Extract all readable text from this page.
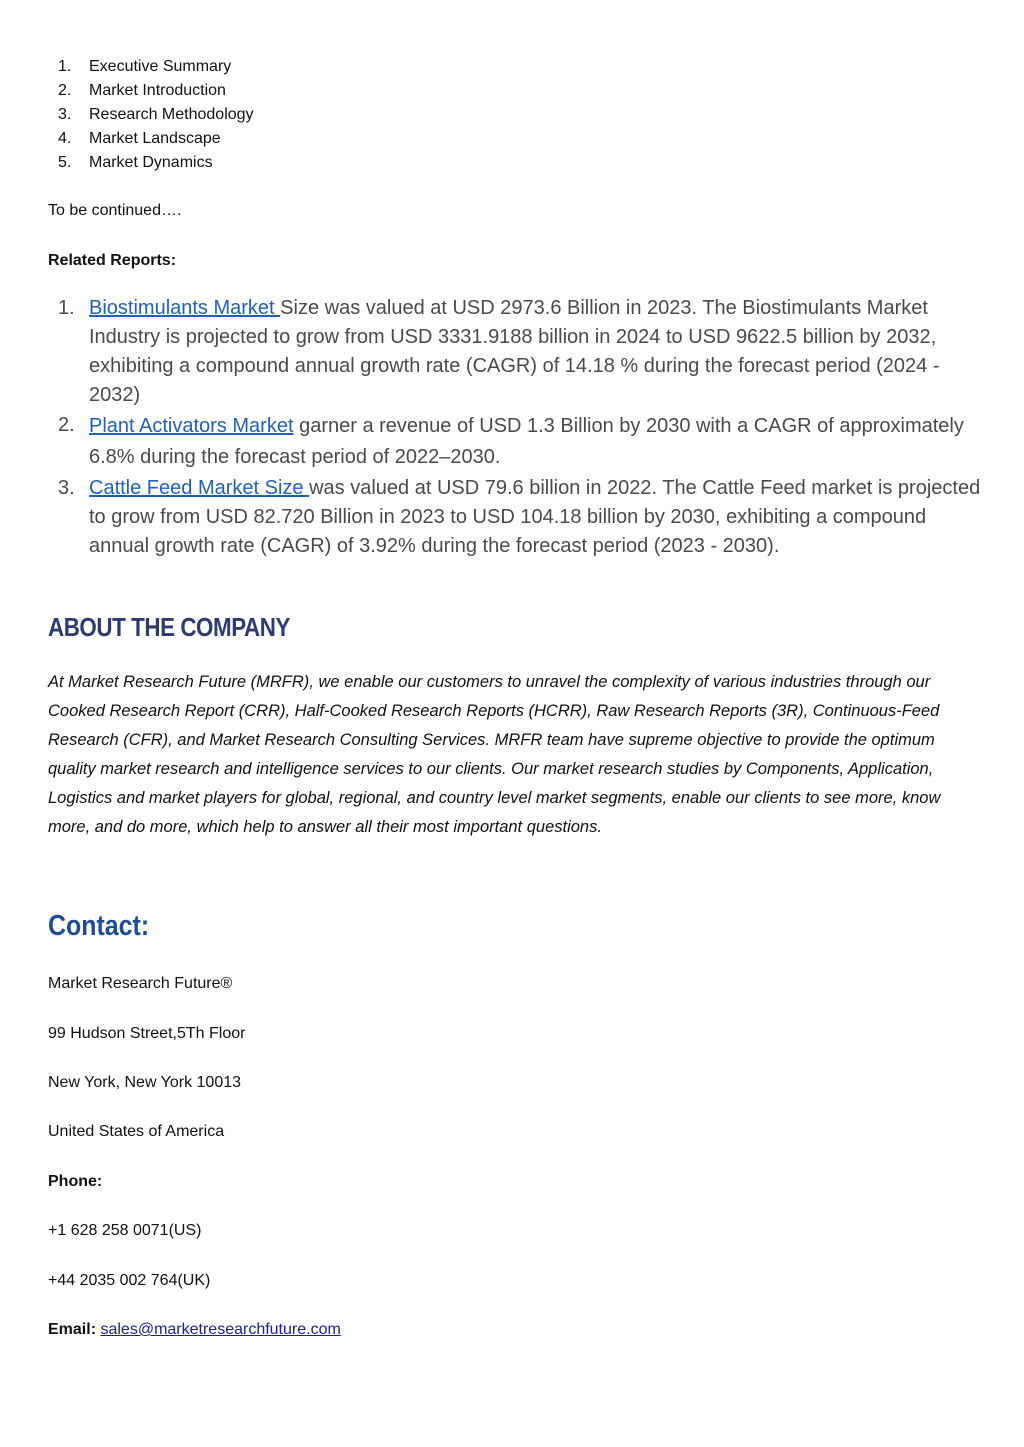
1.	Executive Summary
2.	Market Introduction
3.	Research Methodology
4.	Market Landscape
5.	Market Dynamics
To be continued….
Related Reports:
1. Biostimulants Market Size was valued at USD 2973.6 Billion in 2023. The Biostimulants Market Industry is projected to grow from USD 3331.9188 billion in 2024 to USD 9622.5 billion by 2032, exhibiting a compound annual growth rate (CAGR) of 14.18 % during the forecast period (2024 - 2032)
2. Plant Activators Market garner a revenue of USD 1.3 Billion by 2030 with a CAGR of approximately 6.8% during the forecast period of 2022–2030.
3. Cattle Feed Market Size was valued at USD 79.6 billion in 2022. The Cattle Feed market is projected to grow from USD 82.720 Billion in 2023 to USD 104.18 billion by 2030, exhibiting a compound annual growth rate (CAGR) of 3.92% during the forecast period (2023 - 2030).
ABOUT THE COMPANY

At Market Research Future (MRFR), we enable our customers to unravel the complexity of various industries through our Cooked Research Report (CRR), Half-Cooked Research Reports (HCRR), Raw Research Reports (3R), Continuous-Feed Research (CFR), and Market Research Consulting Services. MRFR team have supreme objective to provide the optimum quality market research and intelligence services to our clients. Our market research studies by Components, Application, Logistics and market players for global, regional, and country level market segments, enable our clients to see more, know more, and do more, which help to answer all their most important questions.

Contact:
Market Research Future®
99 Hudson Street,5Th Floor
New York, New York 10013
United States of America
Phone:
+1 628 258 0071(US)
+44 2035 002 764(UK)
Email: sales@marketresearchfuture.com
